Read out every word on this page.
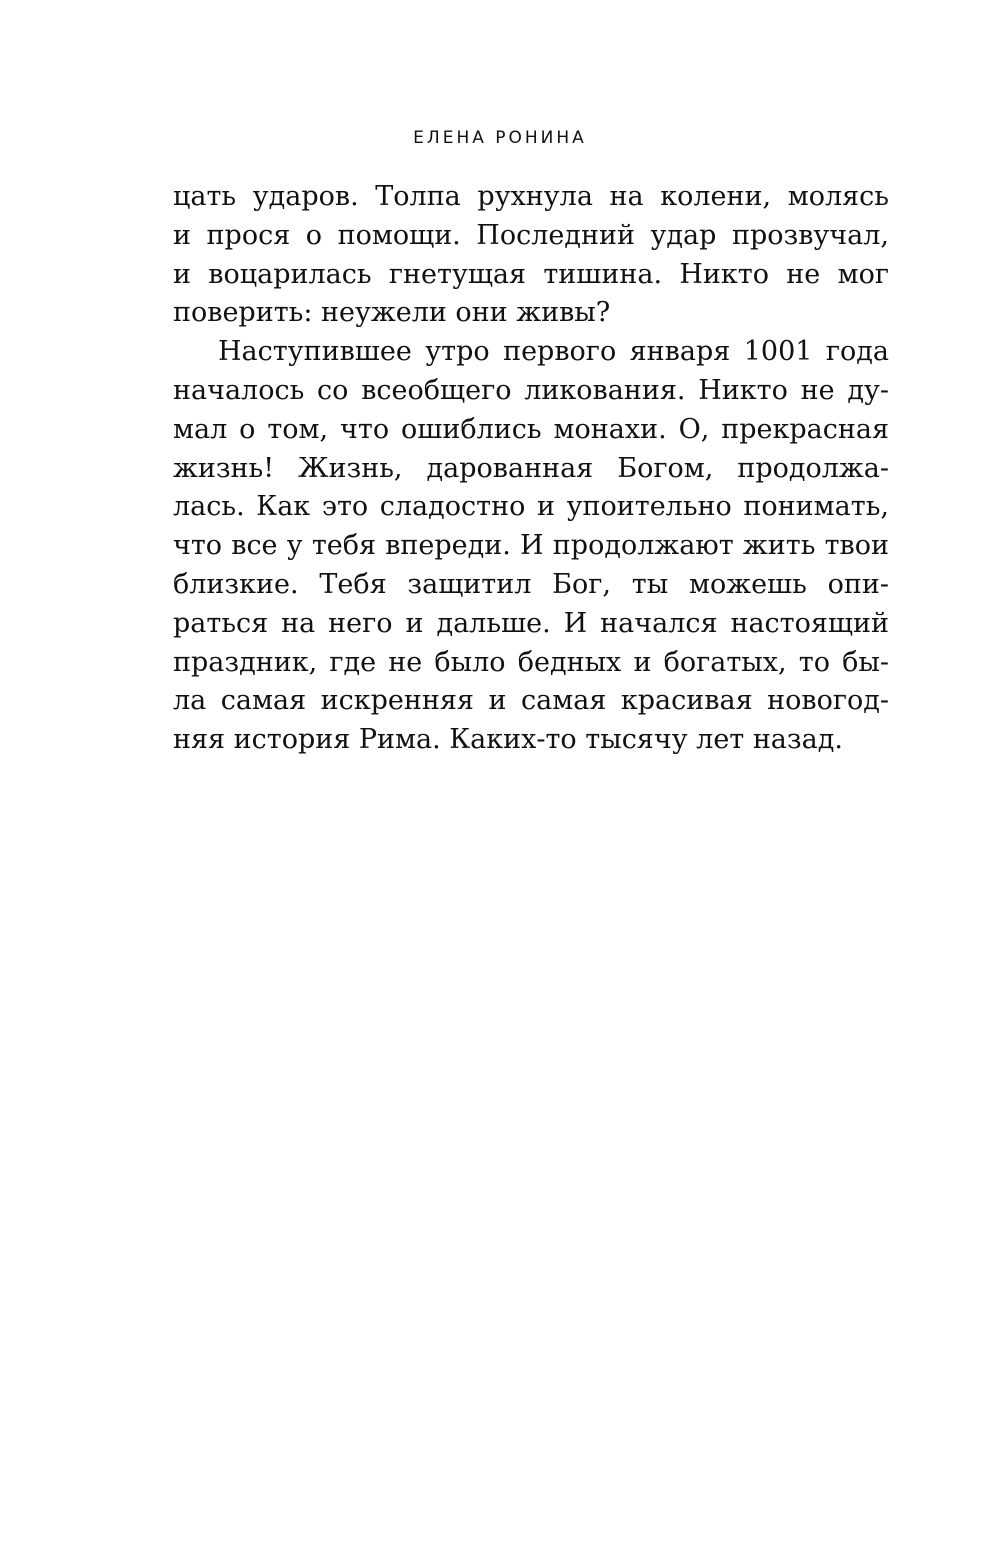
ЕЛЕНА РОНИНА
цать ударов. Толпа рухнула на колени, молясь
и прося о помощи. Последний удар прозвучал,
и воцарилась гнетущая тишина. Никто не мог
поверить: неужели они живы?
Наступившее утро первого января 1001 года
началось со всеобщего ликования. Никто не ду-
мал о том, что ошиблись монахи. О, прекрасная
жизнь! Жизнь, дарованная Богом, продолжа-
лась. Как это сладостно и упоительно понимать,
что все у тебя впереди. И продолжают жить твои
близкие. Тебя защитил Бог, ты можешь опи-
раться на него и дальше. И начался настоящий
праздник, где не было бедных и богатых, то бы-
ла самая искренняя и самая красивая новогод-
няя история Рима. Каких-то тысячу лет назад.
